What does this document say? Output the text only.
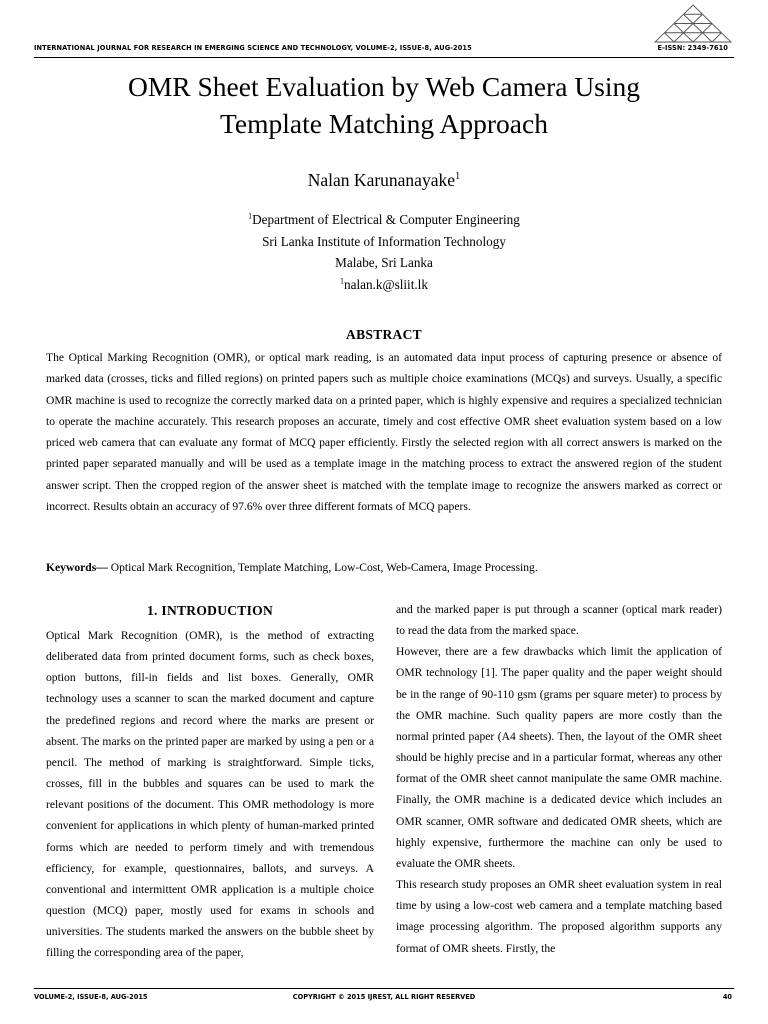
INTERNATIONAL JOURNAL FOR RESEARCH IN EMERGING SCIENCE AND TECHNOLOGY, VOLUME-2, ISSUE-8, AUG-2015	E-ISSN: 2349-7610
OMR Sheet Evaluation by Web Camera Using
Template Matching Approach
Nalan Karunanayake$^1$
$^1$Department of Electrical & Computer Engineering
Sri Lanka Institute of Information Technology
Malabe, Sri Lanka
$^1$nalan.k@sliit.lk
ABSTRACT

The Optical Marking Recognition (OMR), or optical mark reading, is an automated data input process of capturing presence or absence of marked data (crosses, ticks and filled regions) on printed papers such as multiple choice examinations (MCQs) and surveys. Usually, a specific OMR machine is used to recognize the correctly marked data on a printed paper, which is highly expensive and requires a specialized technician to operate the machine accurately. This research proposes an accurate, timely and cost effective OMR sheet evaluation system based on a low priced web camera that can evaluate any format of MCQ paper efficiently. Firstly the selected region with all correct answers is marked on the printed paper separated manually and will be used as a template image in the matching process to extract the answered region of the student answer script. Then the cropped region of the answer sheet is matched with the template image to recognize the answers marked as correct or incorrect. Results obtain an accuracy of 97.6% over three different formats of MCQ papers.

Keywords— Optical Mark Recognition, Template Matching, Low-Cost, Web-Camera, Image Processing.
1. INTRODUCTION

Optical Mark Recognition (OMR), is the method of extracting deliberated data from printed document forms, such as check boxes, option buttons, fill-in fields and list boxes. Generally, OMR technology uses a scanner to scan the marked document and capture the predefined regions and record where the marks are present or absent. The marks on the printed paper are marked by using a pen or a pencil. The method of marking is straightforward. Simple ticks, crosses, fill in the bubbles and squares can be used to mark the relevant positions of the document. This OMR methodology is more convenient for applications in which plenty of human-marked printed forms which are needed to perform timely and with tremendous efficiency, for example, questionnaires, ballots, and surveys. A conventional and intermittent OMR application is a multiple choice question (MCQ) paper, mostly used for exams in schools and universities. The students marked the answers on the bubble sheet by filling the corresponding area of the paper,

and the marked paper is put through a scanner (optical mark reader) to read the data from the marked space.

However, there are a few drawbacks which limit the application of OMR technology [1]. The paper quality and the paper weight should be in the range of 90-110 gsm (grams per square meter) to process by the OMR machine. Such quality papers are more costly than the normal printed paper (A4 sheets). Then, the layout of the OMR sheet should be highly precise and in a particular format, whereas any other format of the OMR sheet cannot manipulate the same OMR machine. Finally, the OMR machine is a dedicated device which includes an OMR scanner, OMR software and dedicated OMR sheets, which are highly expensive, furthermore the machine can only be used to evaluate the OMR sheets.

This research study proposes an OMR sheet evaluation system in real time by using a low-cost web camera and a template matching based image processing algorithm. The proposed algorithm supports any format of OMR sheets. Firstly, the

VOLUME-2, ISSUE-8, AUG-2015	COPYRIGHT © 2015 IJREST, ALL RIGHT RESERVED	40
